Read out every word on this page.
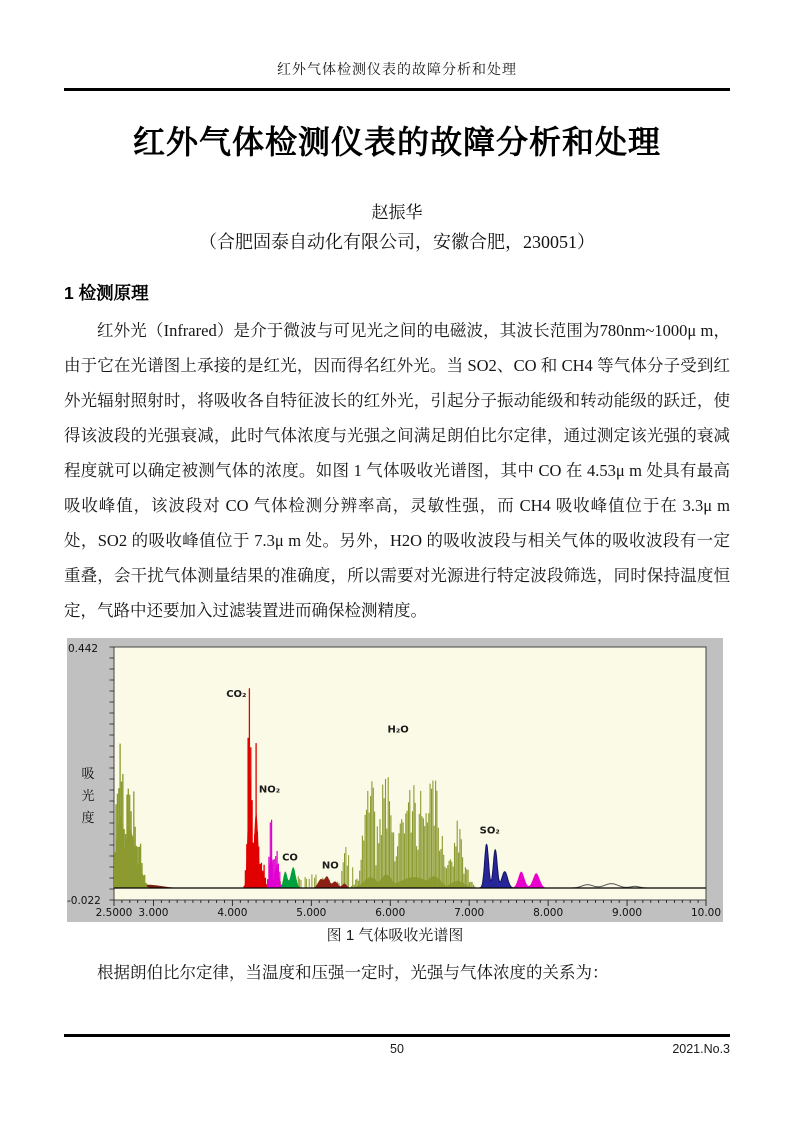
红外气体检测仪表的故障分析和处理
红外气体检测仪表的故障分析和处理
赵振华
（合肥固泰自动化有限公司，安徽合肥，230051）
1 检测原理

红外光（Infrared）是介于微波与可见光之间的电磁波，其波长范围为780nm~1000μ m，由于它在光谱图上承接的是红光，因而得名红外光。当 SO2、CO 和 CH4 等气体分子受到红外光辐射照射时，将吸收各自特征波长的红外光，引起分子振动能级和转动能级的跃迁，使得该波段的光强衰减，此时气体浓度与光强之间满足朗伯比尔定律，通过测定该光强的衰减程度就可以确定被测气体的浓度。如图 1 气体吸收光谱图，其中 CO 在 4.53μ m 处具有最高吸收峰值，该波段对 CO 气体检测分辨率高，灵敏性强，而 CH4 吸收峰值位于在 3.3μ m 处，SO2 的吸收峰值位于 7.3μ m 处。另外，H2O 的吸收波段与相关气体的吸收波段有一定重叠，会干扰气体测量结果的准确度，所以需要对光源进行特定波段筛选，同时保持温度恒定，气路中还要加入过滤装置进而确保检测精度。

2.5000 3.000	4.000	5.000	6.000	7.000	8.000	9.000	10.00
0.442
-0.022
吸
光
度
NO
H₂O
CO₂
NO₂
CO
SO₂
图 1 气体吸收光谱图

根据朗伯比尔定律，当温度和压强一定时，光强与气体浓度的关系为：

50	2021.No.3
